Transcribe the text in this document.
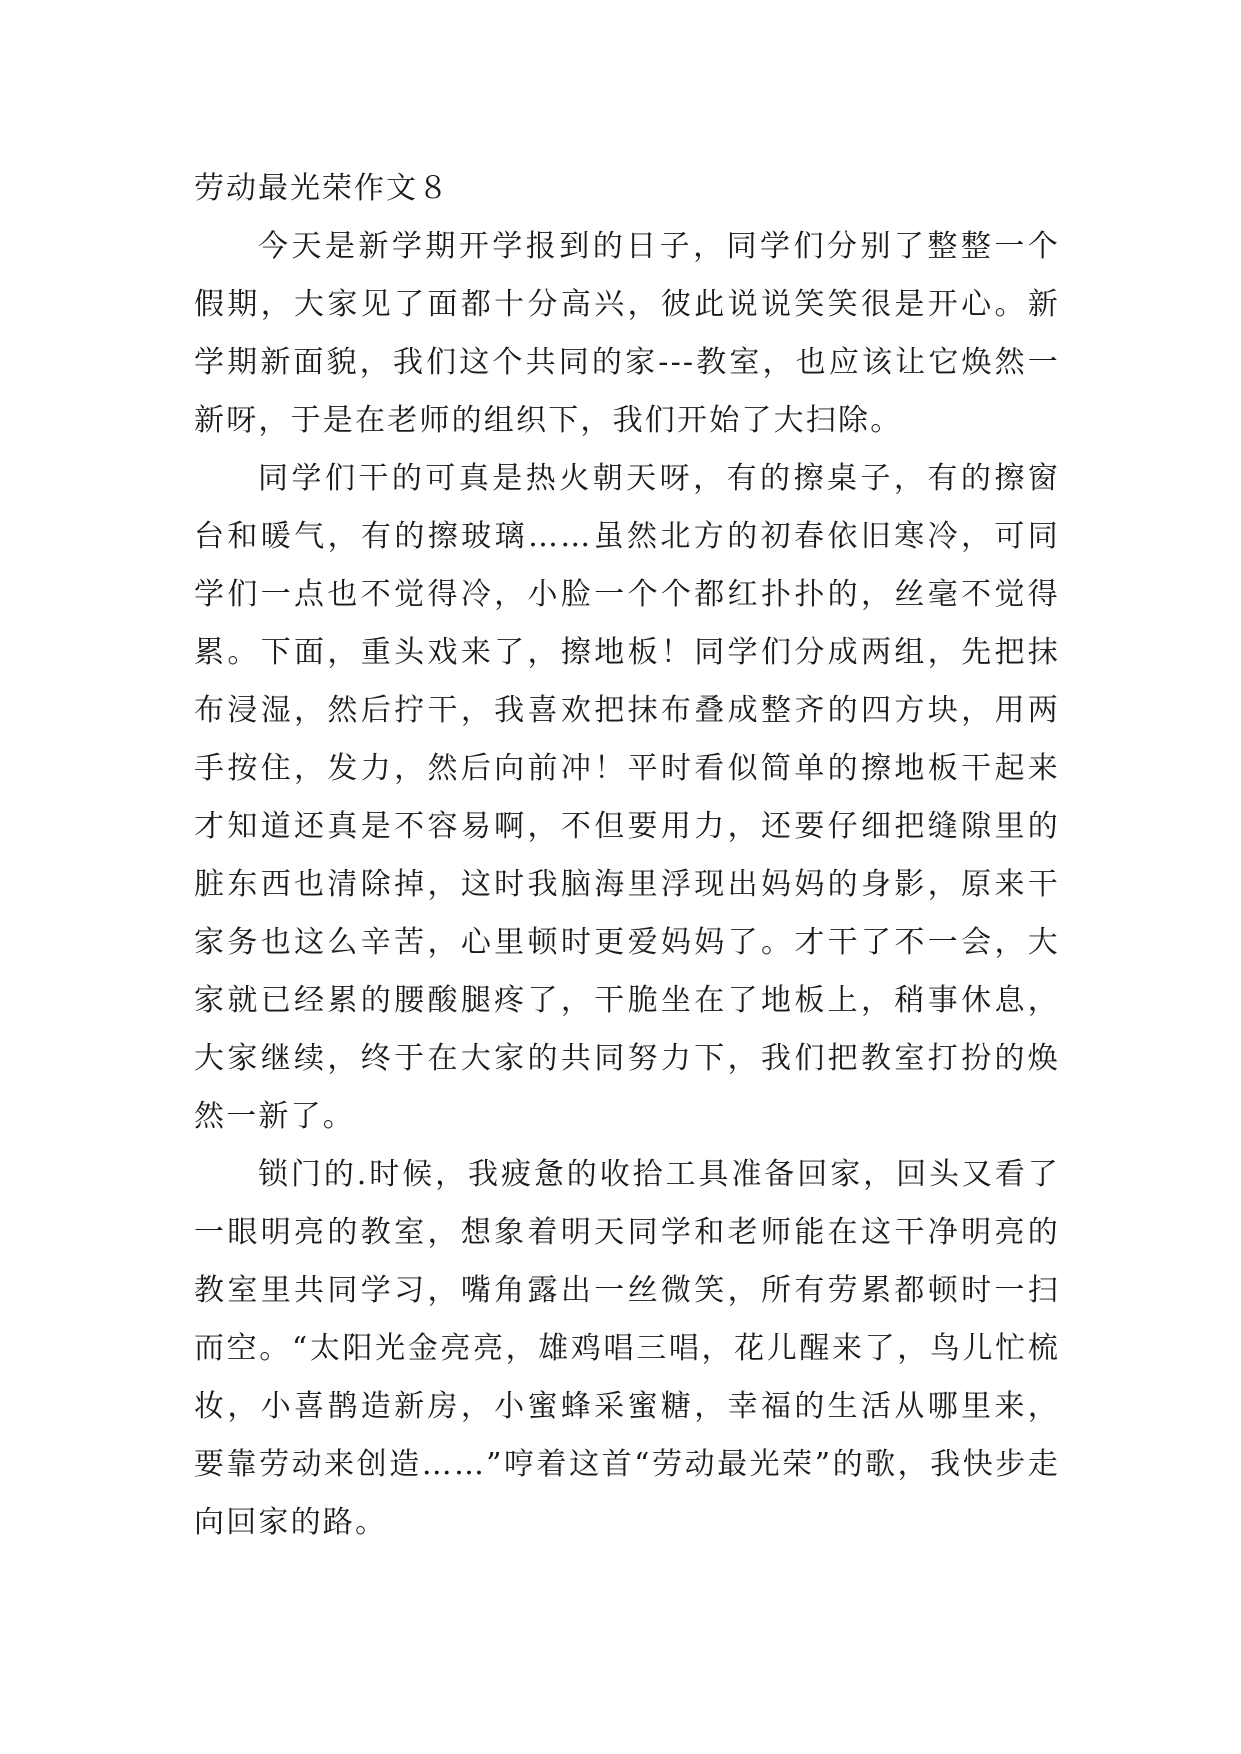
劳动最光荣作文８

今天是新学期开学报到的日子，同学们分别了整整一个假期，大家见了面都十分高兴，彼此说说笑笑很是开心。新学期新面貌，我们这个共同的家---教室，也应该让它焕然一新呀，于是在老师的组织下，我们开始了大扫除。

同学们干的可真是热火朝天呀，有的擦桌子，有的擦窗台和暖气，有的擦玻璃……虽然北方的初春依旧寒冷，可同学们一点也不觉得冷，小脸一个个都红扑扑的，丝毫不觉得累。下面，重头戏来了，擦地板！同学们分成两组，先把抹布浸湿，然后拧干，我喜欢把抹布叠成整齐的四方块，用两手按住，发力，然后向前冲！平时看似简单的擦地板干起来才知道还真是不容易啊，不但要用力，还要仔细把缝隙里的脏东西也清除掉，这时我脑海里浮现出妈妈的身影，原来干家务也这么辛苦，心里顿时更爱妈妈了。才干了不一会，大家就已经累的腰酸腿疼了，干脆坐在了地板上，稍事休息，大家继续，终于在大家的共同努力下，我们把教室打扮的焕然一新了。

锁门的.时候，我疲惫的收拾工具准备回家，回头又看了一眼明亮的教室，想象着明天同学和老师能在这干净明亮的教室里共同学习，嘴角露出一丝微笑，所有劳累都顿时一扫而空。“太阳光金亮亮，雄鸡唱三唱，花儿醒来了，鸟儿忙梳妆，小喜鹊造新房，小蜜蜂采蜜糖，幸福的生活从哪里来，要靠劳动来创造……”哼着这首“劳动最光荣”的歌，我快步走向回家的路。
